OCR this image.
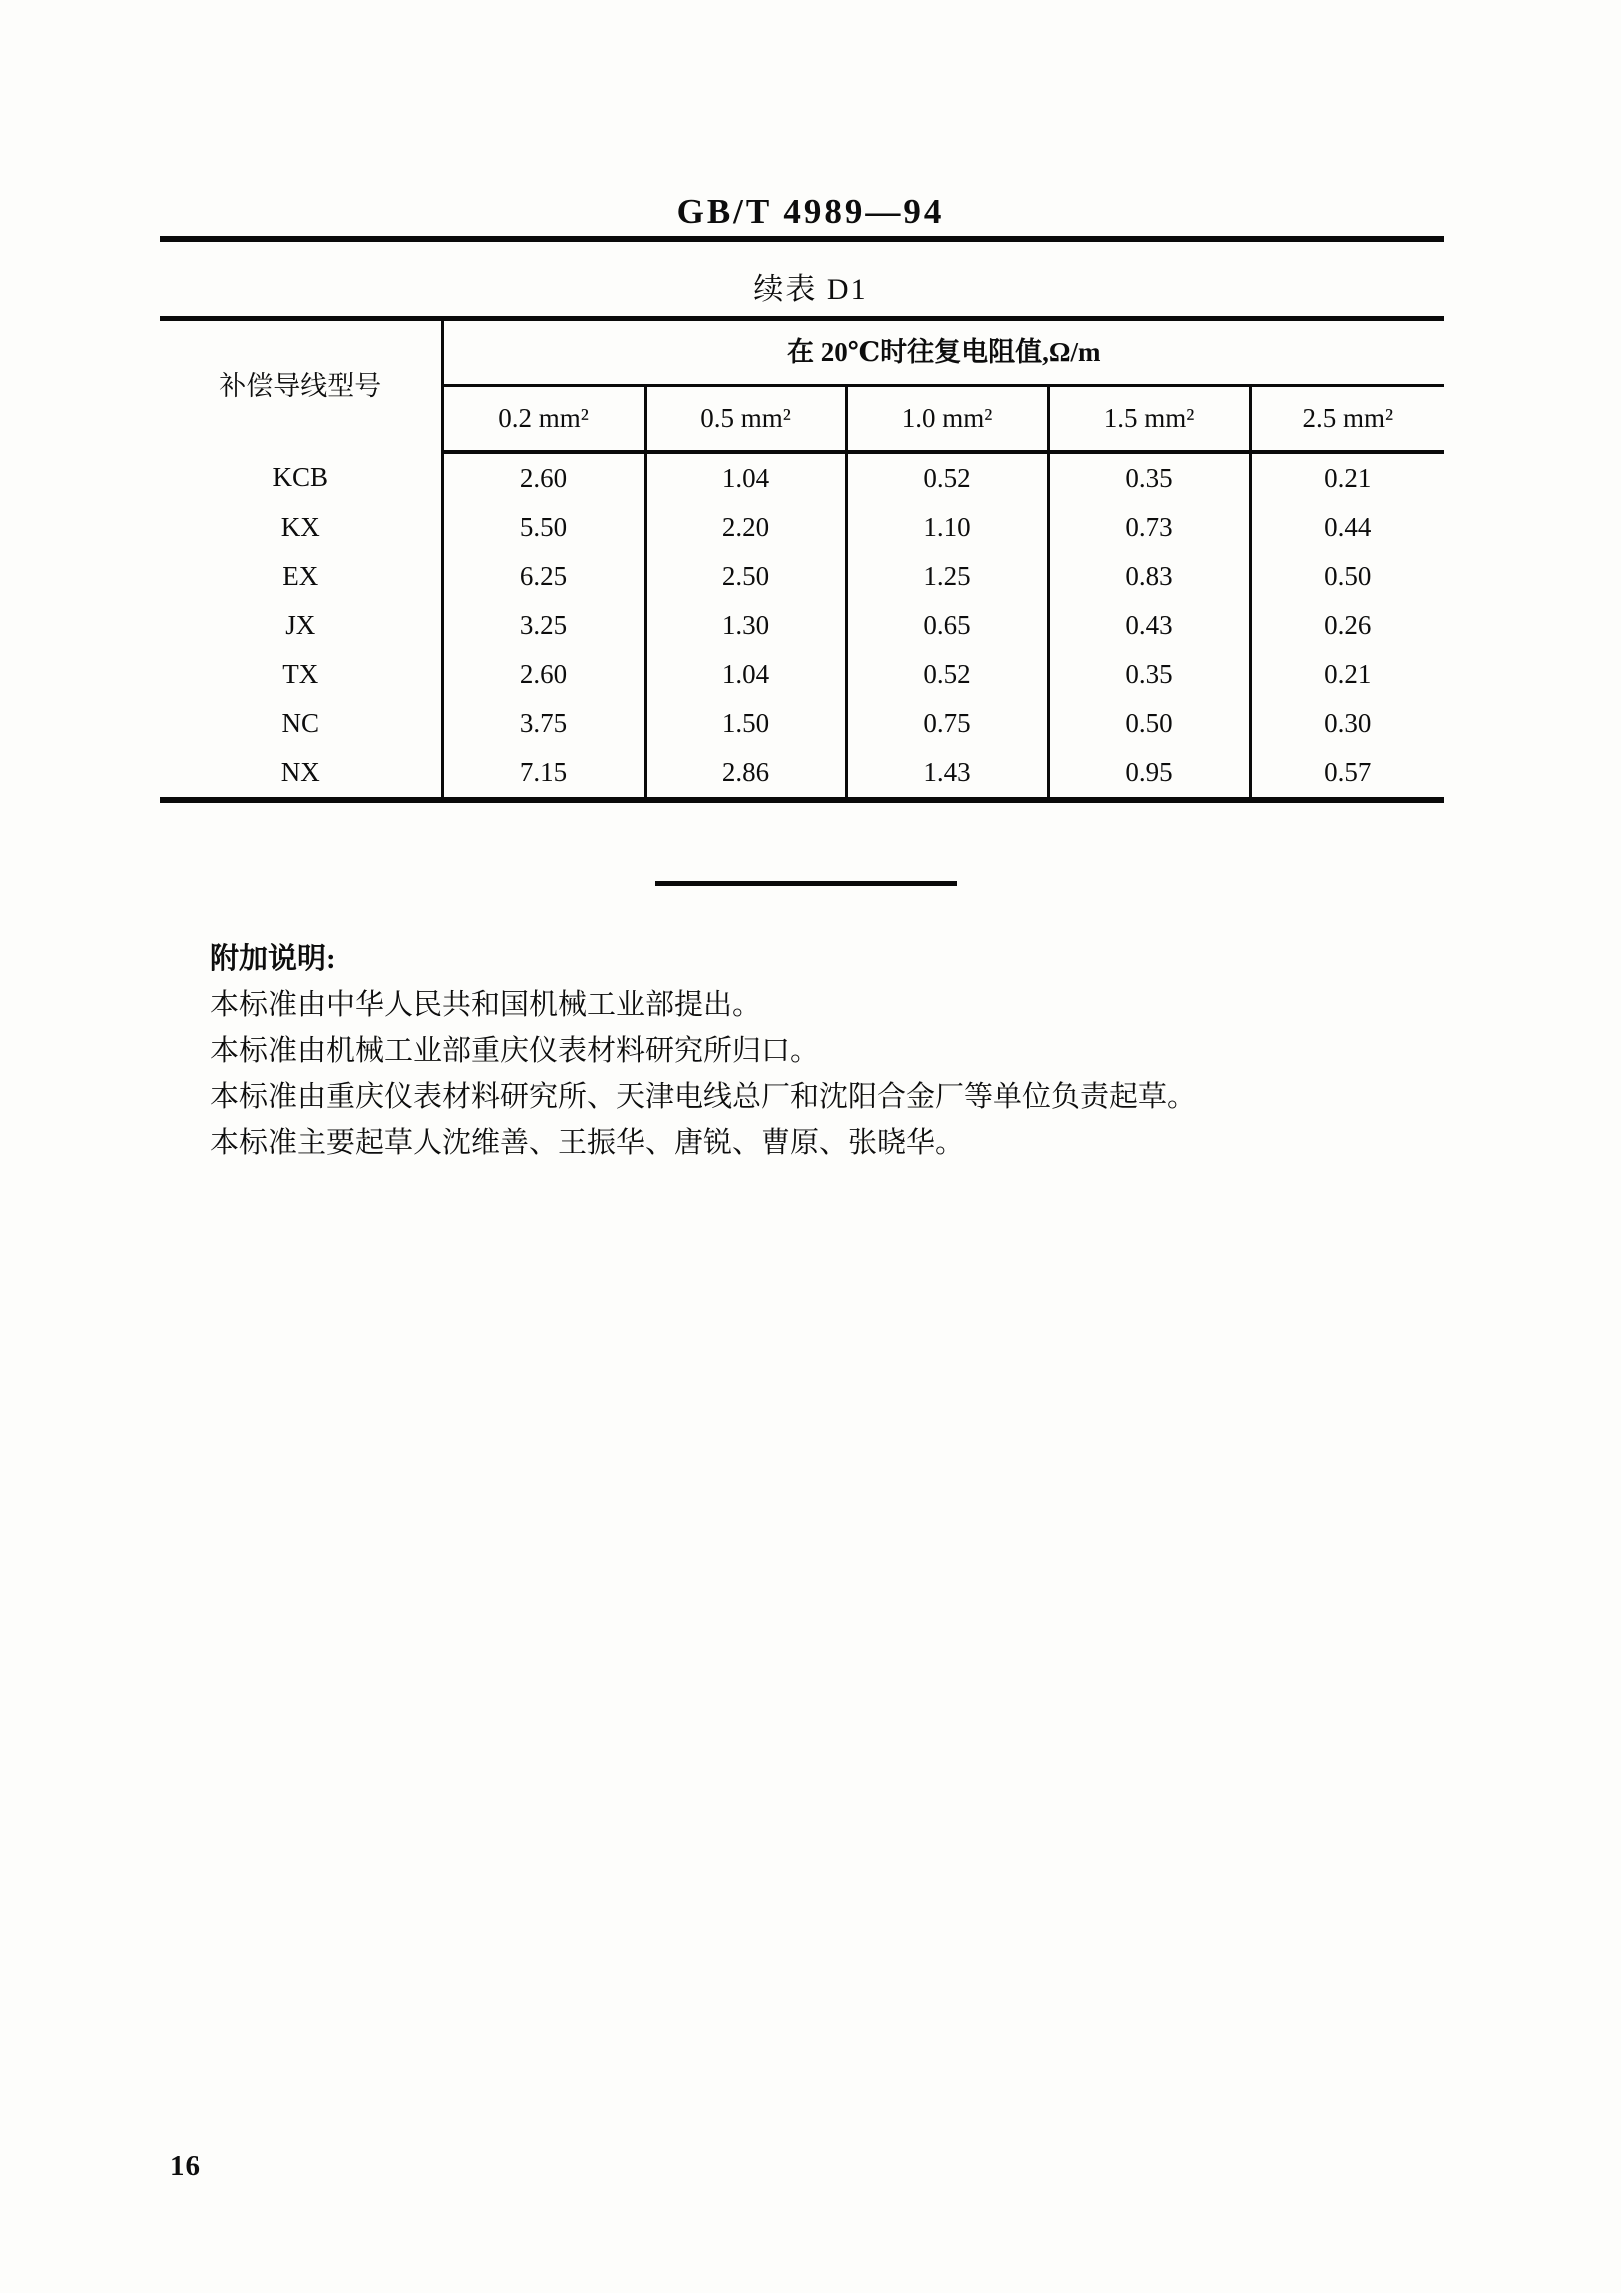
GB/T 4989—94
续表 D1
补偿导线型号	在 20℃时往复电阻值,Ω/m				
	0.2 mm²	0.5 mm²	1.0 mm²	1.5 mm²	2.5 mm²
KCB	2.60	1.04	0.52	0.35	0.21
KX	5.50	2.20	1.10	0.73	0.44
EX	6.25	2.50	1.25	0.83	0.50
JX	3.25	1.30	0.65	0.43	0.26
TX	2.60	1.04	0.52	0.35	0.21
NC	3.75	1.50	0.75	0.50	0.30
NX	7.15	2.86	1.43	0.95	0.57
附加说明:

本标准由中华人民共和国机械工业部提出。

本标准由机械工业部重庆仪表材料研究所归口。

本标准由重庆仪表材料研究所、天津电线总厂和沈阳合金厂等单位负责起草。

本标准主要起草人沈维善、王振华、唐锐、曹原、张晓华。

16
